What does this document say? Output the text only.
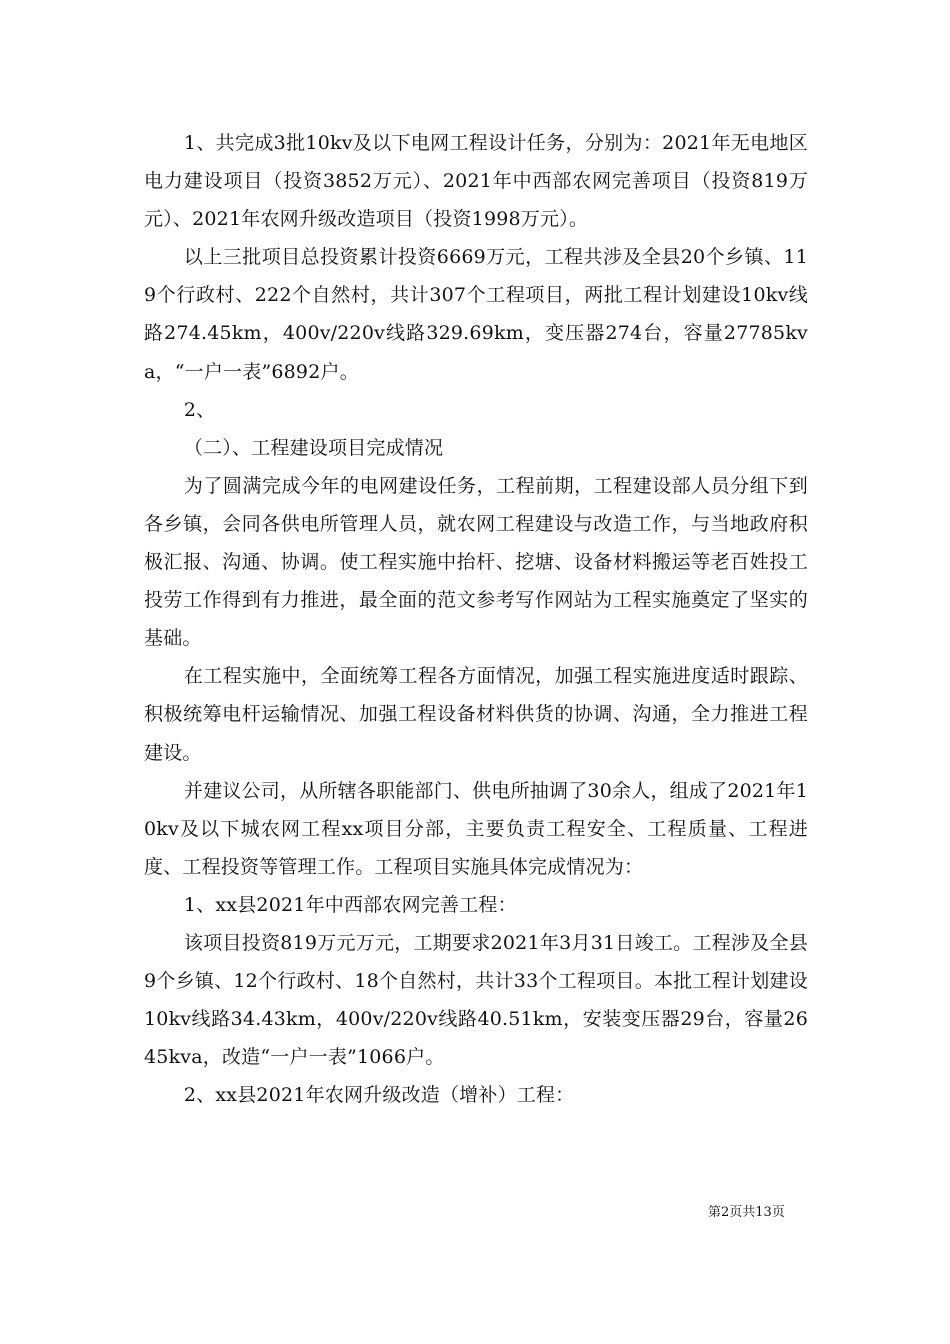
1、共完成3批10kv及以下电网工程设计任务，分别为：2021年无电地区电力建设项目（投资3852万元）、2021年中西部农网完善项目（投资819万元）、2021年农网升级改造项目（投资1998万元）。

以上三批项目总投资累计投资6669万元，工程共涉及全县20个乡镇、119个行政村、222个自然村，共计307个工程项目，两批工程计划建设10kv线路274.45km，400v/220v线路329.69km，变压器274台，容量27785kva，“一户一表”6892户。

2、

（二）、工程建设项目完成情况

为了圆满完成今年的电网建设任务，工程前期，工程建设部人员分组下到各乡镇，会同各供电所管理人员，就农网工程建设与改造工作，与当地政府积极汇报、沟通、协调。使工程实施中抬杆、挖塘、设备材料搬运等老百姓投工投劳工作得到有力推进，最全面的范文参考写作网站为工程实施奠定了坚实的基础。

在工程实施中，全面统筹工程各方面情况，加强工程实施进度适时跟踪、积极统筹电杆运输情况、加强工程设备材料供货的协调、沟通，全力推进工程建设。

并建议公司，从所辖各职能部门、供电所抽调了30余人，组成了2021年10kv及以下城农网工程xx项目分部，主要负责工程安全、工程质量、工程进度、工程投资等管理工作。工程项目实施具体完成情况为：

1、xx县2021年中西部农网完善工程：

该项目投资819万元万元，工期要求2021年3月31日竣工。工程涉及全县9个乡镇、12个行政村、18个自然村，共计33个工程项目。本批工程计划建设10kv线路34.43km，400v/220v线路40.51km，安装变压器29台，容量2645kva，改造“一户一表”1066户。

2、xx县2021年农网升级改造（增补）工程：

第2页共13页
